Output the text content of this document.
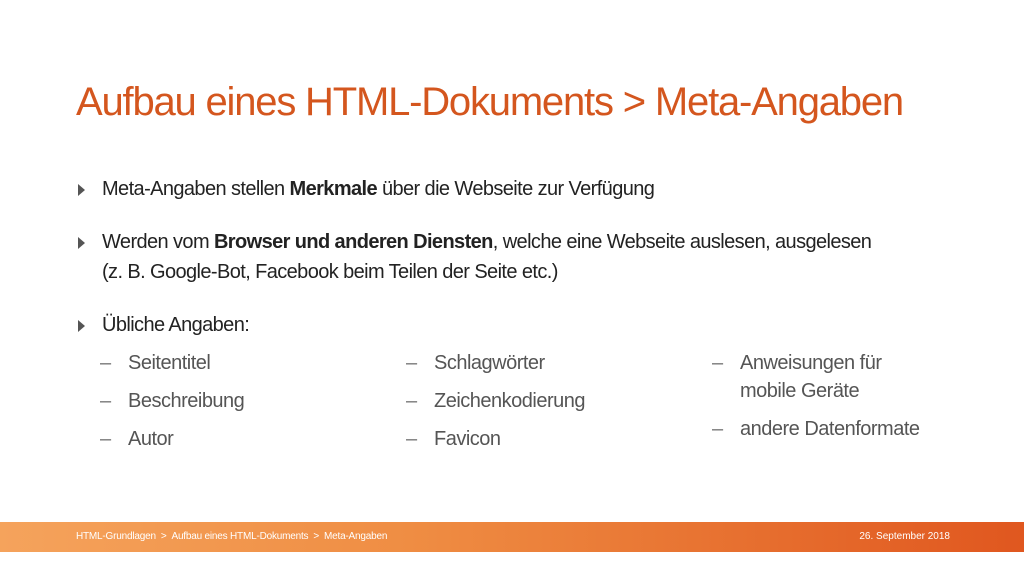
Aufbau eines HTML-Dokuments > Meta-Angaben
Meta-Angaben stellen Merkmale über die Webseite zur Verfügung
Werden vom Browser und anderen Diensten, welche eine Webseite auslesen, ausgelesen
(z. B. Google-Bot, Facebook beim Teilen der Seite etc.)
Übliche Angaben:
– Seitentitel
– Beschreibung
– Autor
– Schlagwörter
– Zeichenkodierung
– Favicon
– Anweisungen für mobile Geräte
– andere Datenformate
HTML-Grundlagen > Aufbau eines HTML-Dokuments > Meta-Angaben	26. September 2018
